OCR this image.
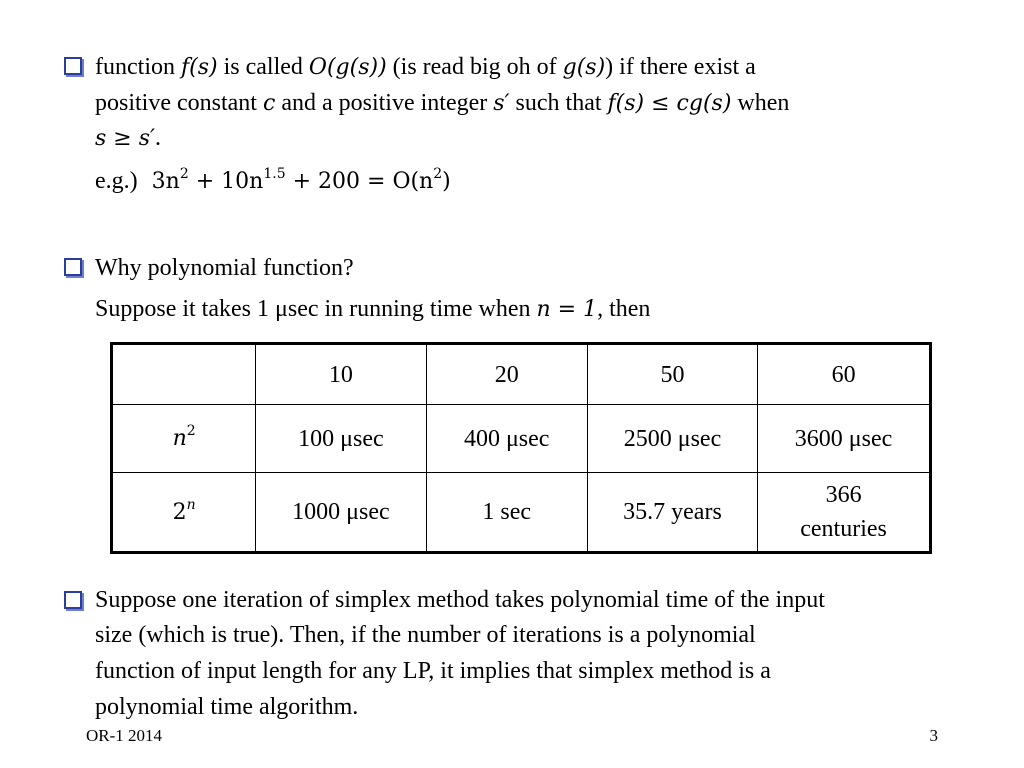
function f(s) is called O(g(s)) (is read big oh of g(s)) if there exist a
positive constant c and a positive integer s′ such that f(s) ≤ cg(s) when
s ≥ s′.
e.g.) $3n^2 + 10n^{1.5} + 200 = O(n^2)$
Why polynomial function?
Suppose it takes 1 μsec in running time when n = 1, then
	10	20	50	60
$n^2$	100 μsec	400 μsec	2500 μsec	3600 μsec
2$^n$	1000 μsec	1 sec	35.7 years	366 centuries
Suppose one iteration of simplex method takes polynomial time of the input
size (which is true). Then, if the number of iterations is a polynomial
function of input length for any LP, it implies that simplex method is a
polynomial time algorithm.
OR-1 2014	3
